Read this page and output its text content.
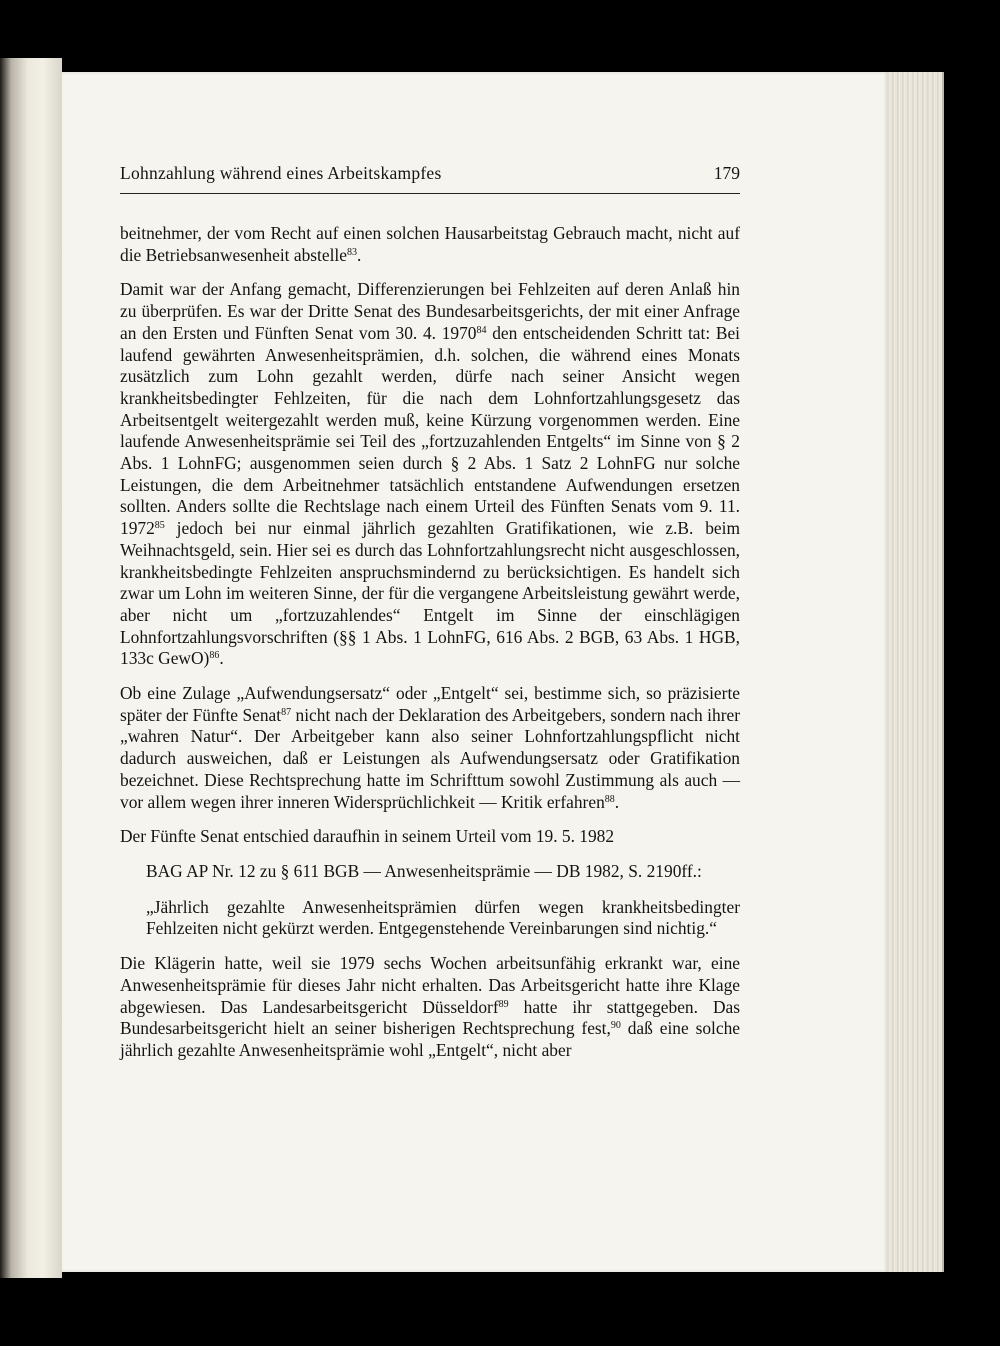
Lohnzahlung während eines Arbeitskampfes	179

beitnehmer, der vom Recht auf einen solchen Hausarbeitstag Gebrauch macht, nicht auf die Betriebsanwesenheit abstelle$^{83}$.

Damit war der Anfang gemacht, Differenzierungen bei Fehlzeiten auf deren Anlaß hin zu überprüfen. Es war der Dritte Senat des Bundesarbeitsgerichts, der mit einer Anfrage an den Ersten und Fünften Senat vom 30. 4. 1970$^{84}$ den entscheidenden Schritt tat: Bei laufend gewährten Anwesenheitsprämien, d.h. solchen, die während eines Monats zusätzlich zum Lohn gezahlt werden, dürfe nach seiner Ansicht wegen krankheitsbedingter Fehlzeiten, für die nach dem Lohnfortzahlungsgesetz das Arbeitsentgelt weitergezahlt werden muß, keine Kürzung vorgenommen werden. Eine laufende Anwesenheitsprämie sei Teil des „fortzuzahlenden Entgelts“ im Sinne von § 2 Abs. 1 LohnFG; ausgenommen seien durch § 2 Abs. 1 Satz 2 LohnFG nur solche Leistungen, die dem Arbeitnehmer tatsächlich entstandene Aufwendungen ersetzen sollten. Anders sollte die Rechtslage nach einem Urteil des Fünften Senats vom 9. 11. 1972$^{85}$ jedoch bei nur einmal jährlich gezahlten Gratifikationen, wie z.B. beim Weihnachtsgeld, sein. Hier sei es durch das Lohnfortzahlungsrecht nicht ausgeschlossen, krankheitsbedingte Fehlzeiten anspruchsmindernd zu berücksichtigen. Es handelt sich zwar um Lohn im weiteren Sinne, der für die vergangene Arbeitsleistung gewährt werde, aber nicht um „fortzuzahlendes“ Entgelt im Sinne der einschlägigen Lohnfortzahlungsvorschriften (§§ 1 Abs. 1 LohnFG, 616 Abs. 2 BGB, 63 Abs. 1 HGB, 133c GewO)$^{86}$.

Ob eine Zulage „Aufwendungsersatz“ oder „Entgelt“ sei, bestimme sich, so präzisierte später der Fünfte Senat$^{87}$ nicht nach der Deklaration des Arbeitgebers, sondern nach ihrer „wahren Natur“. Der Arbeitgeber kann also seiner Lohnfortzahlungspflicht nicht dadurch ausweichen, daß er Leistungen als Aufwendungsersatz oder Gratifikation bezeichnet. Diese Rechtsprechung hatte im Schrifttum sowohl Zustimmung als auch — vor allem wegen ihrer inneren Widersprüchlichkeit — Kritik erfahren$^{88}$.

Der Fünfte Senat entschied daraufhin in seinem Urteil vom 19. 5. 1982

BAG AP Nr. 12 zu § 611 BGB — Anwesenheitsprämie — DB 1982, S. 2190ff.:

„Jährlich gezahlte Anwesenheitsprämien dürfen wegen krankheitsbedingter Fehlzeiten nicht gekürzt werden. Entgegenstehende Vereinbarungen sind nichtig.“

Die Klägerin hatte, weil sie 1979 sechs Wochen arbeitsunfähig erkrankt war, eine Anwesenheitsprämie für dieses Jahr nicht erhalten. Das Arbeitsgericht hatte ihre Klage abgewiesen. Das Landesarbeitsgericht Düsseldorf$^{89}$ hatte ihr stattgegeben. Das Bundesarbeitsgericht hielt an seiner bisherigen Rechtsprechung fest,$^{90}$ daß eine solche jährlich gezahlte Anwesenheitsprämie wohl „Entgelt“, nicht aber
